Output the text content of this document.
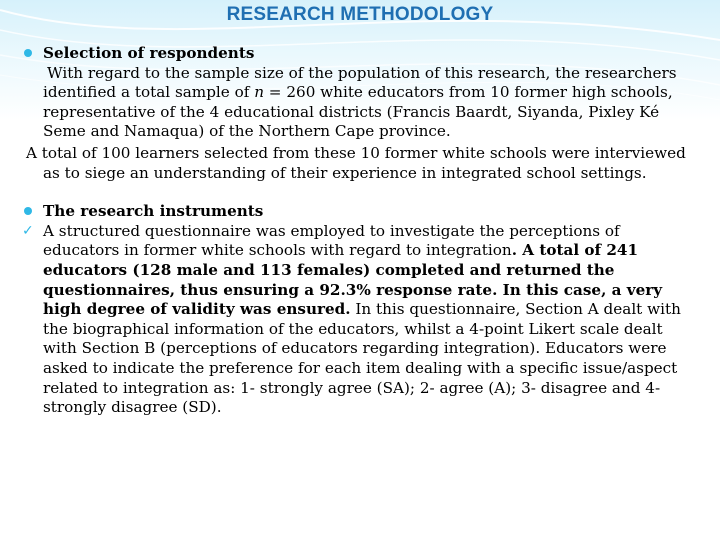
RESEARCH METHODOLOGY
Selection of respondents
With regard to the sample size of the population of this research, the researchers identified a total sample of n = 260 white educators from 10 former high schools, representative of the 4 educational districts (Francis Baardt, Siyanda, Pixley Ké Seme and Namaqua) of the Northern Cape province.
A total of 100 learners selected from these 10 former white schools were interviewed as to siege an understanding of their experience in integrated school settings.
The research instruments
✓ A structured questionnaire was employed to investigate the perceptions of educators in former white schools with regard to integration. A total of 241 educators (128 male and 113 females) completed and returned the questionnaires, thus ensuring a 92.3% response rate. In this case, a very high degree of validity was ensured. In this questionnaire, Section A dealt with the biographical information of the educators, whilst a 4-point Likert scale dealt with Section B (perceptions of educators regarding integration). Educators were asked to indicate the preference for each item dealing with a specific issue/aspect related to integration as: 1- strongly agree (SA); 2- agree (A); 3- disagree and 4- strongly disagree (SD).
